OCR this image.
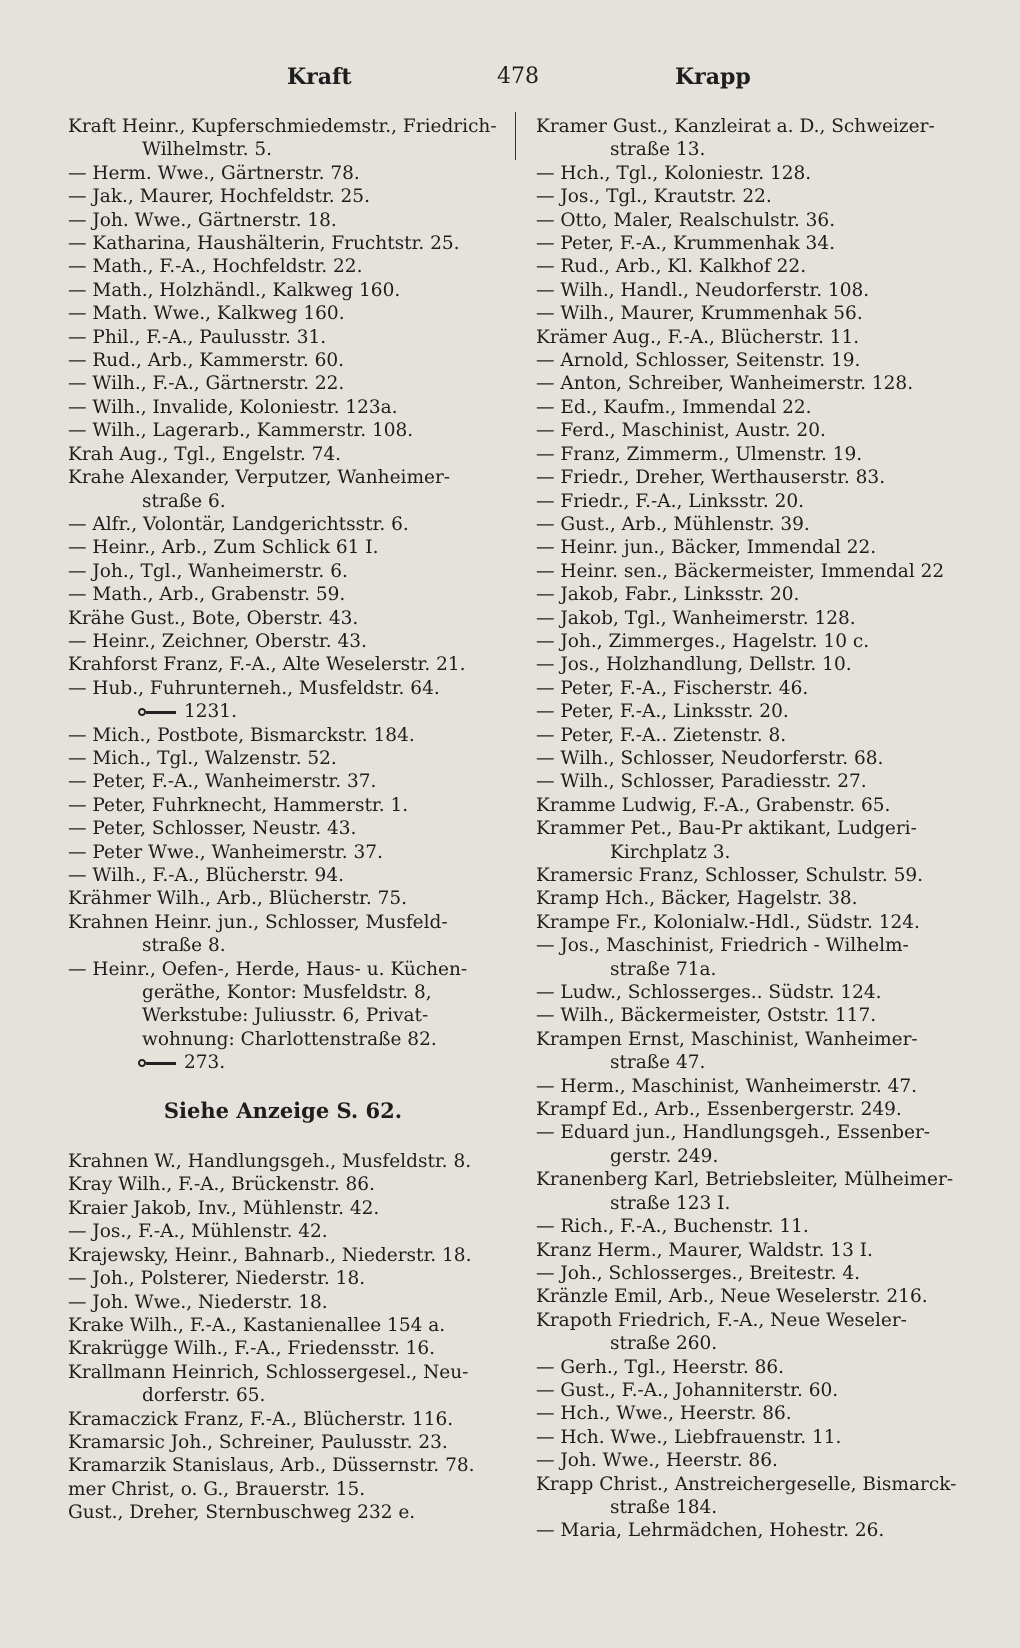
Kraft	478	Krapp
Kraft Heinr., Kupferschmiedemstr., Friedrich-
Wilhelmstr. 5.
— Herm. Wwe., Gärtnerstr. 78.
— Jak., Maurer, Hochfeldstr. 25.
— Joh. Wwe., Gärtnerstr. 18.
— Katharina, Haushälterin, Fruchtstr. 25.
— Math., F.-A., Hochfeldstr. 22.
— Math., Holzhändl., Kalkweg 160.
— Math. Wwe., Kalkweg 160.
— Phil., F.-A., Paulusstr. 31.
— Rud., Arb., Kammerstr. 60.
— Wilh., F.-A., Gärtnerstr. 22.
— Wilh., Invalide, Koloniestr. 123a.
— Wilh., Lagerarb., Kammerstr. 108.
Krah Aug., Tgl., Engelstr. 74.
Krahe Alexander, Verputzer, Wanheimer-
straße 6.
— Alfr., Volontär, Landgerichtsstr. 6.
— Heinr., Arb., Zum Schlick 61 I.
— Joh., Tgl., Wanheimerstr. 6.
— Math., Arb., Grabenstr. 59.
Krähe Gust., Bote, Oberstr. 43.
— Heinr., Zeichner, Oberstr. 43.
Krahforst Franz, F.-A., Alte Weselerstr. 21.
— Hub., Fuhrunterneh., Musfeldstr. 64.
1231.
— Mich., Postbote, Bismarckstr. 184.
— Mich., Tgl., Walzenstr. 52.
— Peter, F.-A., Wanheimerstr. 37.
— Peter, Fuhrknecht, Hammerstr. 1.
— Peter, Schlosser, Neustr. 43.
— Peter Wwe., Wanheimerstr. 37.
— Wilh., F.-A., Blücherstr. 94.
Krähmer Wilh., Arb., Blücherstr. 75.
Krahnen Heinr. jun., Schlosser, Musfeld-
straße 8.
— Heinr., Oefen-, Herde, Haus- u. Küchen-
geräthe, Kontor: Musfeldstr. 8,
Werkstube: Juliusstr. 6, Privat-
wohnung: Charlottenstraße 82.
273.
Siehe Anzeige S. 62.
Krahnen W., Handlungsgeh., Musfeldstr. 8.
Kray Wilh., F.-A., Brückenstr. 86.
Kraier Jakob, Inv., Mühlenstr. 42.
— Jos., F.-A., Mühlenstr. 42.
Krajewsky, Heinr., Bahnarb., Niederstr. 18.
— Joh., Polsterer, Niederstr. 18.
— Joh. Wwe., Niederstr. 18.
Krake Wilh., F.-A., Kastanienallee 154 a.
Krakrügge Wilh., F.-A., Friedensstr. 16.
Krallmann Heinrich, Schlossergesel., Neu-
dorferstr. 65.
Kramaczick Franz, F.-A., Blücherstr. 116.
Kramarsic Joh., Schreiner, Paulusstr. 23.
Kramarzik Stanislaus, Arb., Düssernstr. 78.
mer Christ, o. G., Brauerstr. 15.
Gust., Dreher, Sternbuschweg 232 e.
Kramer Gust., Kanzleirat a. D., Schweizer-
straße 13.
— Hch., Tgl., Koloniestr. 128.
— Jos., Tgl., Krautstr. 22.
— Otto, Maler, Realschulstr. 36.
— Peter, F.-A., Krummenhak 34.
— Rud., Arb., Kl. Kalkhof 22.
— Wilh., Handl., Neudorferstr. 108.
— Wilh., Maurer, Krummenhak 56.
Krämer Aug., F.-A., Blücherstr. 11.
— Arnold, Schlosser, Seitenstr. 19.
— Anton, Schreiber, Wanheimerstr. 128.
— Ed., Kaufm., Immendal 22.
— Ferd., Maschinist, Austr. 20.
— Franz, Zimmerm., Ulmenstr. 19.
— Friedr., Dreher, Werthauserstr. 83.
— Friedr., F.-A., Linksstr. 20.
— Gust., Arb., Mühlenstr. 39.
— Heinr. jun., Bäcker, Immendal 22.
— Heinr. sen., Bäckermeister, Immendal 22
— Jakob, Fabr., Linksstr. 20.
— Jakob, Tgl., Wanheimerstr. 128.
— Joh., Zimmerges., Hagelstr. 10 c.
— Jos., Holzhandlung, Dellstr. 10.
— Peter, F.-A., Fischerstr. 46.
— Peter, F.-A., Linksstr. 20.
— Peter, F.-A.. Zietenstr. 8.
— Wilh., Schlosser, Neudorferstr. 68.
— Wilh., Schlosser, Paradiesstr. 27.
Kramme Ludwig, F.-A., Grabenstr. 65.
Krammer Pet., Bau-Pr aktikant, Ludgeri-
Kirchplatz 3.
Kramersic Franz, Schlosser, Schulstr. 59.
Kramp Hch., Bäcker, Hagelstr. 38.
Krampe Fr., Kolonialw.-Hdl., Südstr. 124.
— Jos., Maschinist, Friedrich - Wilhelm-
straße 71a.
— Ludw., Schlosserges.. Südstr. 124.
— Wilh., Bäckermeister, Oststr. 117.
Krampen Ernst, Maschinist, Wanheimer-
straße 47.
— Herm., Maschinist, Wanheimerstr. 47.
Krampf Ed., Arb., Essenbergerstr. 249.
— Eduard jun., Handlungsgeh., Essenber-
gerstr. 249.
Kranenberg Karl, Betriebsleiter, Mülheimer-
straße 123 I.
— Rich., F.-A., Buchenstr. 11.
Kranz Herm., Maurer, Waldstr. 13 I.
— Joh., Schlosserges., Breitestr. 4.
Kränzle Emil, Arb., Neue Weselerstr. 216.
Krapoth Friedrich, F.-A., Neue Weseler-
straße 260.
— Gerh., Tgl., Heerstr. 86.
— Gust., F.-A., Johanniterstr. 60.
— Hch., Wwe., Heerstr. 86.
— Hch. Wwe., Liebfrauenstr. 11.
— Joh. Wwe., Heerstr. 86.
Krapp Christ., Anstreichergeselle, Bismarck-
straße 184.
— Maria, Lehrmädchen, Hohestr. 26.
